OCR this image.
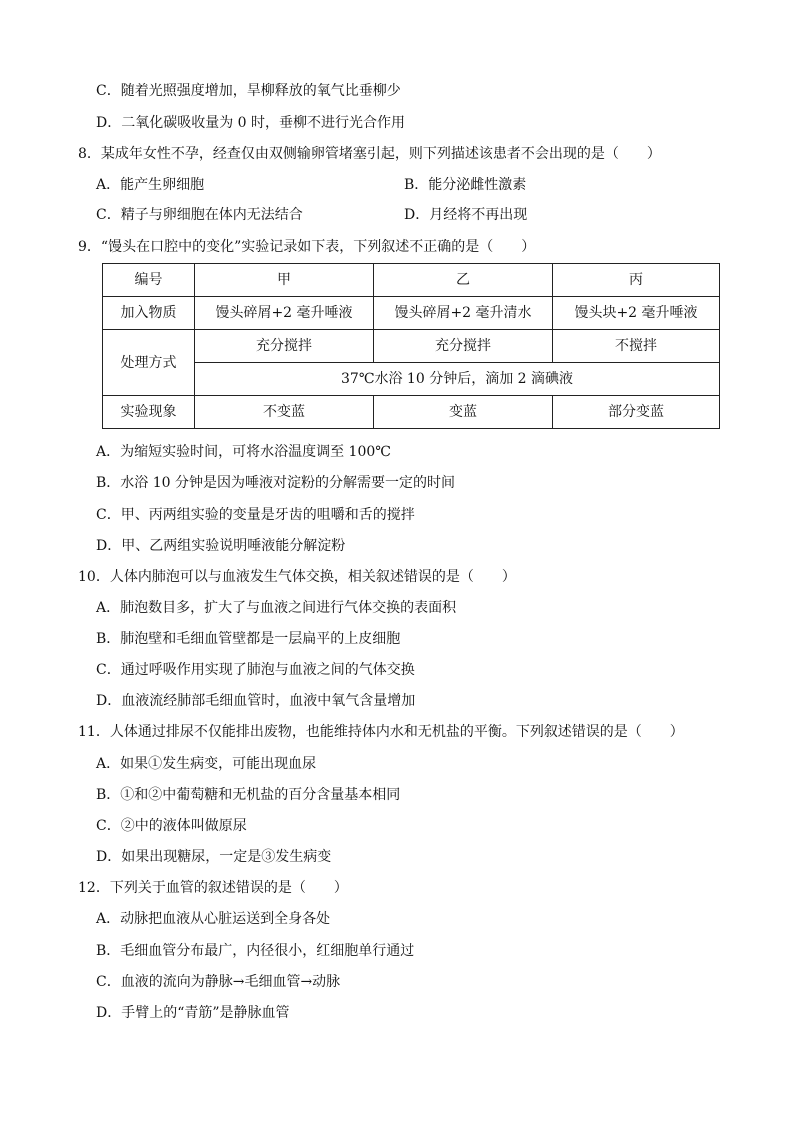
C．随着光照强度增加，旱柳释放的氧气比垂柳少
D．二氧化碳吸收量为 0 时，垂柳不进行光合作用
8．某成年女性不孕，经查仅由双侧输卵管堵塞引起，则下列描述该患者不会出现的是（　　）
A．能产生卵细胞	B．能分泌雌性激素
C．精子与卵细胞在体内无法结合	D．月经将不再出现
9．“馒头在口腔中的变化”实验记录如下表，下列叙述不正确的是（　　）
编号	甲	乙	丙
加入物质	馒头碎屑+2 毫升唾液	馒头碎屑+2 毫升清水	馒头块+2 毫升唾液
处理方式	充分搅拌	充分搅拌	不搅拌
	37℃水浴 10 分钟后，滴加 2 滴碘液		
实验现象	不变蓝	变蓝	部分变蓝
A．为缩短实验时间，可将水浴温度调至 100℃
B．水浴 10 分钟是因为唾液对淀粉的分解需要一定的时间
C．甲、丙两组实验的变量是牙齿的咀嚼和舌的搅拌
D．甲、乙两组实验说明唾液能分解淀粉
10．人体内肺泡可以与血液发生气体交换，相关叙述错误的是（　　）
A．肺泡数目多，扩大了与血液之间进行气体交换的表面积
B．肺泡壁和毛细血管壁都是一层扁平的上皮细胞
C．通过呼吸作用实现了肺泡与血液之间的气体交换
D．血液流经肺部毛细血管时，血液中氧气含量增加
11．人体通过排尿不仅能排出废物，也能维持体内水和无机盐的平衡。下列叙述错误的是（　　）
A．如果①发生病变，可能出现血尿
B．①和②中葡萄糖和无机盐的百分含量基本相同
C．②中的液体叫做原尿
D．如果出现糖尿，一定是③发生病变
12．下列关于血管的叙述错误的是（　　）
A．动脉把血液从心脏运送到全身各处
B．毛细血管分布最广，内径很小，红细胞单行通过
C．血液的流向为静脉→毛细血管→动脉
D．手臂上的“青筋”是静脉血管
